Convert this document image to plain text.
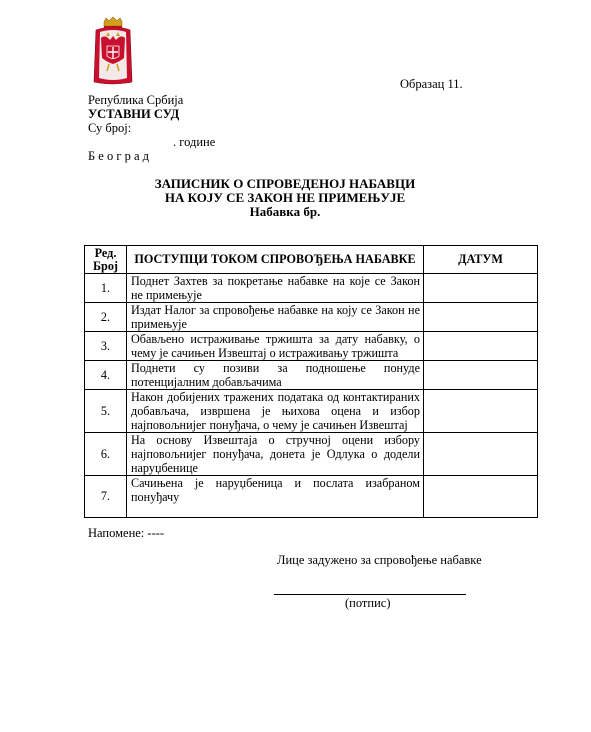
Образац 11.
Република Србија
УСТАВНИ СУД
Су број:
. године
Б е о г р а д
ЗАПИСНИК О СПРОВЕДЕНОЈ НАБАВЦИ
НА КОЈУ СЕ ЗАКОН НЕ ПРИМЕЊУЈЕ
Набавка бр.
Ред.
Број	ПОСТУПЦИ ТОКОМ СПРОВОЂЕЊА НАБАВКЕ	ДАТУМ
1.	Поднет Захтев за покретање набавке на које се Закон не примењује	
2.	Издат Налог за спровођење набавке на коју се Закон не примењује	
3.	Обављено истраживање тржишта за дату набавку, о чему је сачињен Извештај о истраживању тржишта	
4.	Поднети су позиви за подношење понуде потенцијалним добављачима	
5.	Након добијених тражених података од контактираних добављача, извршена је њихова оцена и избор најповољнијег понуђача, о чему је сачињен Извештај	
6.	На основу Извештаја о стручној оцени избору најповољнијег понуђача, донета је Одлука о додели наруџбенице	
7.	Сачињена је наруџбеница и послата изабраном понуђачу	
Напомене: ----
Лице задужено за спровођење набавке
(потпис)
